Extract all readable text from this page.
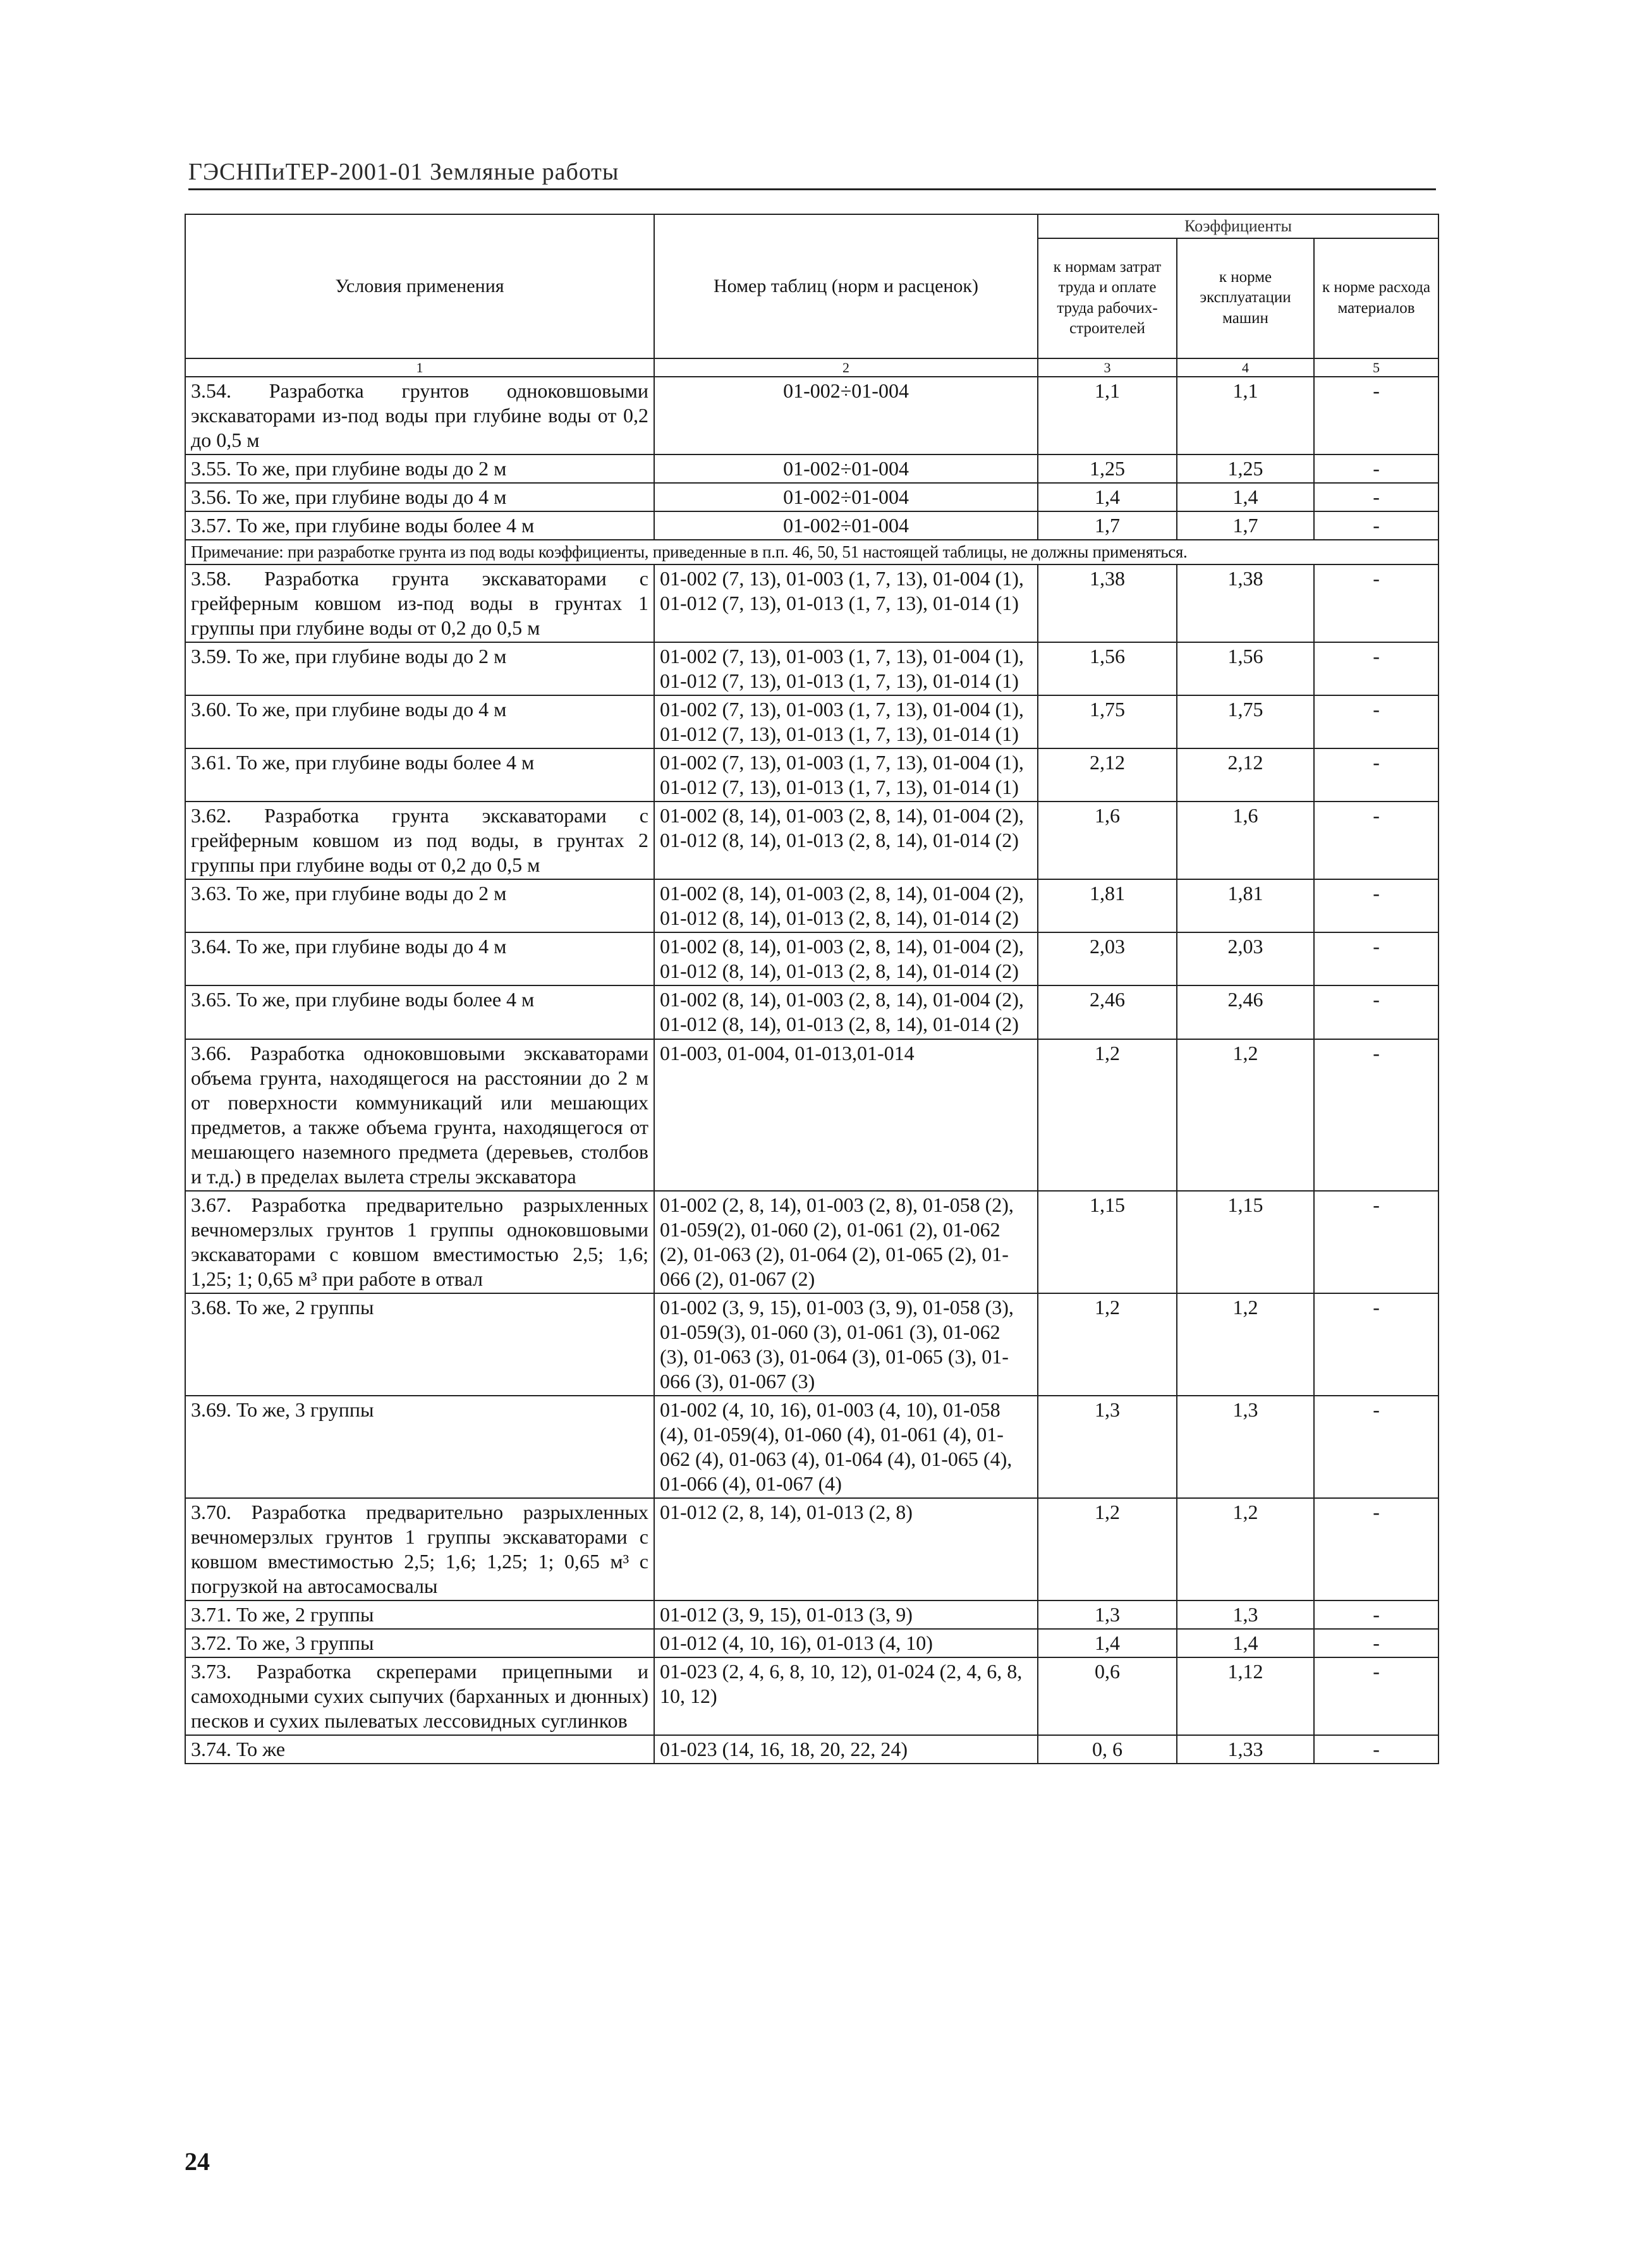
ГЭСНПиТЕР-2001-01 Земляные работы
Условия применения	Номер таблиц (норм и расценок)	Коэффициенты		
		к нормам затрат труда и оплате труда рабочих-строителей	к норме эксплуатации машин	к норме расхода материалов
1	2	3	4	5
3.54. Разработка грунтов одноковшовыми экскаваторами из-под воды при глубине воды от 0,2 до 0,5 м	01-002÷01-004	1,1	1,1	-
3.55. То же, при глубине воды до 2 м	01-002÷01-004	1,25	1,25	-
3.56. То же, при глубине воды до 4 м	01-002÷01-004	1,4	1,4	-
3.57. То же, при глубине воды более 4 м	01-002÷01-004	1,7	1,7	-
Примечание: при разработке грунта из под воды коэффициенты, приведенные в п.п. 46, 50, 51 настоящей таблицы, не должны применяться.				
3.58. Разработка грунта экскаваторами с грейферным ковшом из-под воды в грунтах 1 группы при глубине воды от 0,2 до 0,5 м	01-002 (7, 13), 01-003 (1, 7, 13), 01-004 (1), 01-012 (7, 13), 01-013 (1, 7, 13), 01-014 (1)	1,38	1,38	-
3.59. То же, при глубине воды до 2 м	01-002 (7, 13), 01-003 (1, 7, 13), 01-004 (1), 01-012 (7, 13), 01-013 (1, 7, 13), 01-014 (1)	1,56	1,56	-
3.60. То же, при глубине воды до 4 м	01-002 (7, 13), 01-003 (1, 7, 13), 01-004 (1), 01-012 (7, 13), 01-013 (1, 7, 13), 01-014 (1)	1,75	1,75	-
3.61. То же, при глубине воды более 4 м	01-002 (7, 13), 01-003 (1, 7, 13), 01-004 (1), 01-012 (7, 13), 01-013 (1, 7, 13), 01-014 (1)	2,12	2,12	-
3.62. Разработка грунта экскаваторами с грейферным ковшом из под воды, в грунтах 2 группы при глубине воды от 0,2 до 0,5 м	01-002 (8, 14), 01-003 (2, 8, 14), 01-004 (2), 01-012 (8, 14), 01-013 (2, 8, 14), 01-014 (2)	1,6	1,6	-
3.63. То же, при глубине воды до 2 м	01-002 (8, 14), 01-003 (2, 8, 14), 01-004 (2), 01-012 (8, 14), 01-013 (2, 8, 14), 01-014 (2)	1,81	1,81	-
3.64. То же, при глубине воды до 4 м	01-002 (8, 14), 01-003 (2, 8, 14), 01-004 (2), 01-012 (8, 14), 01-013 (2, 8, 14), 01-014 (2)	2,03	2,03	-
3.65. То же, при глубине воды более 4 м	01-002 (8, 14), 01-003 (2, 8, 14), 01-004 (2), 01-012 (8, 14), 01-013 (2, 8, 14), 01-014 (2)	2,46	2,46	-
3.66. Разработка одноковшовыми экскаваторами объема грунта, находящегося на расстоянии до 2 м от поверхности коммуникаций или мешающих предметов, а также объема грунта, находящегося от мешающего наземного предмета (деревьев, столбов и т.д.) в пределах вылета стрелы экскаватора	01-003, 01-004, 01-013,01-014	1,2	1,2	-
3.67. Разработка предварительно разрыхленных вечномерзлых грунтов 1 группы одноковшовыми экскаваторами с ковшом вместимостью 2,5; 1,6; 1,25; 1; 0,65 м³ при работе в отвал	01-002 (2, 8, 14), 01-003 (2, 8), 01-058 (2), 01-059(2), 01-060 (2), 01-061 (2), 01-062 (2), 01-063 (2), 01-064 (2), 01-065 (2), 01-066 (2), 01-067 (2)	1,15	1,15	-
3.68. То же, 2 группы	01-002 (3, 9, 15), 01-003 (3, 9), 01-058 (3), 01-059(3), 01-060 (3), 01-061 (3), 01-062 (3), 01-063 (3), 01-064 (3), 01-065 (3), 01-066 (3), 01-067 (3)	1,2	1,2	-
3.69. То же, 3 группы	01-002 (4, 10, 16), 01-003 (4, 10), 01-058 (4), 01-059(4), 01-060 (4), 01-061 (4), 01-062 (4), 01-063 (4), 01-064 (4), 01-065 (4), 01-066 (4), 01-067 (4)	1,3	1,3	-
3.70. Разработка предварительно разрыхленных вечномерзлых грунтов 1 группы экскаваторами с ковшом вместимостью 2,5; 1,6; 1,25; 1; 0,65 м³ с погрузкой на автосамосвалы	01-012 (2, 8, 14), 01-013 (2, 8)	1,2	1,2	-
3.71. То же, 2 группы	01-012 (3, 9, 15), 01-013 (3, 9)	1,3	1,3	-
3.72. То же, 3 группы	01-012 (4, 10, 16), 01-013 (4, 10)	1,4	1,4	-
3.73. Разработка скреперами прицепными и самоходными сухих сыпучих (барханных и дюнных) песков и сухих пылеватых лессовидных суглинков	01-023 (2, 4, 6, 8, 10, 12), 01-024 (2, 4, 6, 8, 10, 12)	0,6	1,12	-
3.74. То же	01-023 (14, 16, 18, 20, 22, 24)	0, 6	1,33	-
24
